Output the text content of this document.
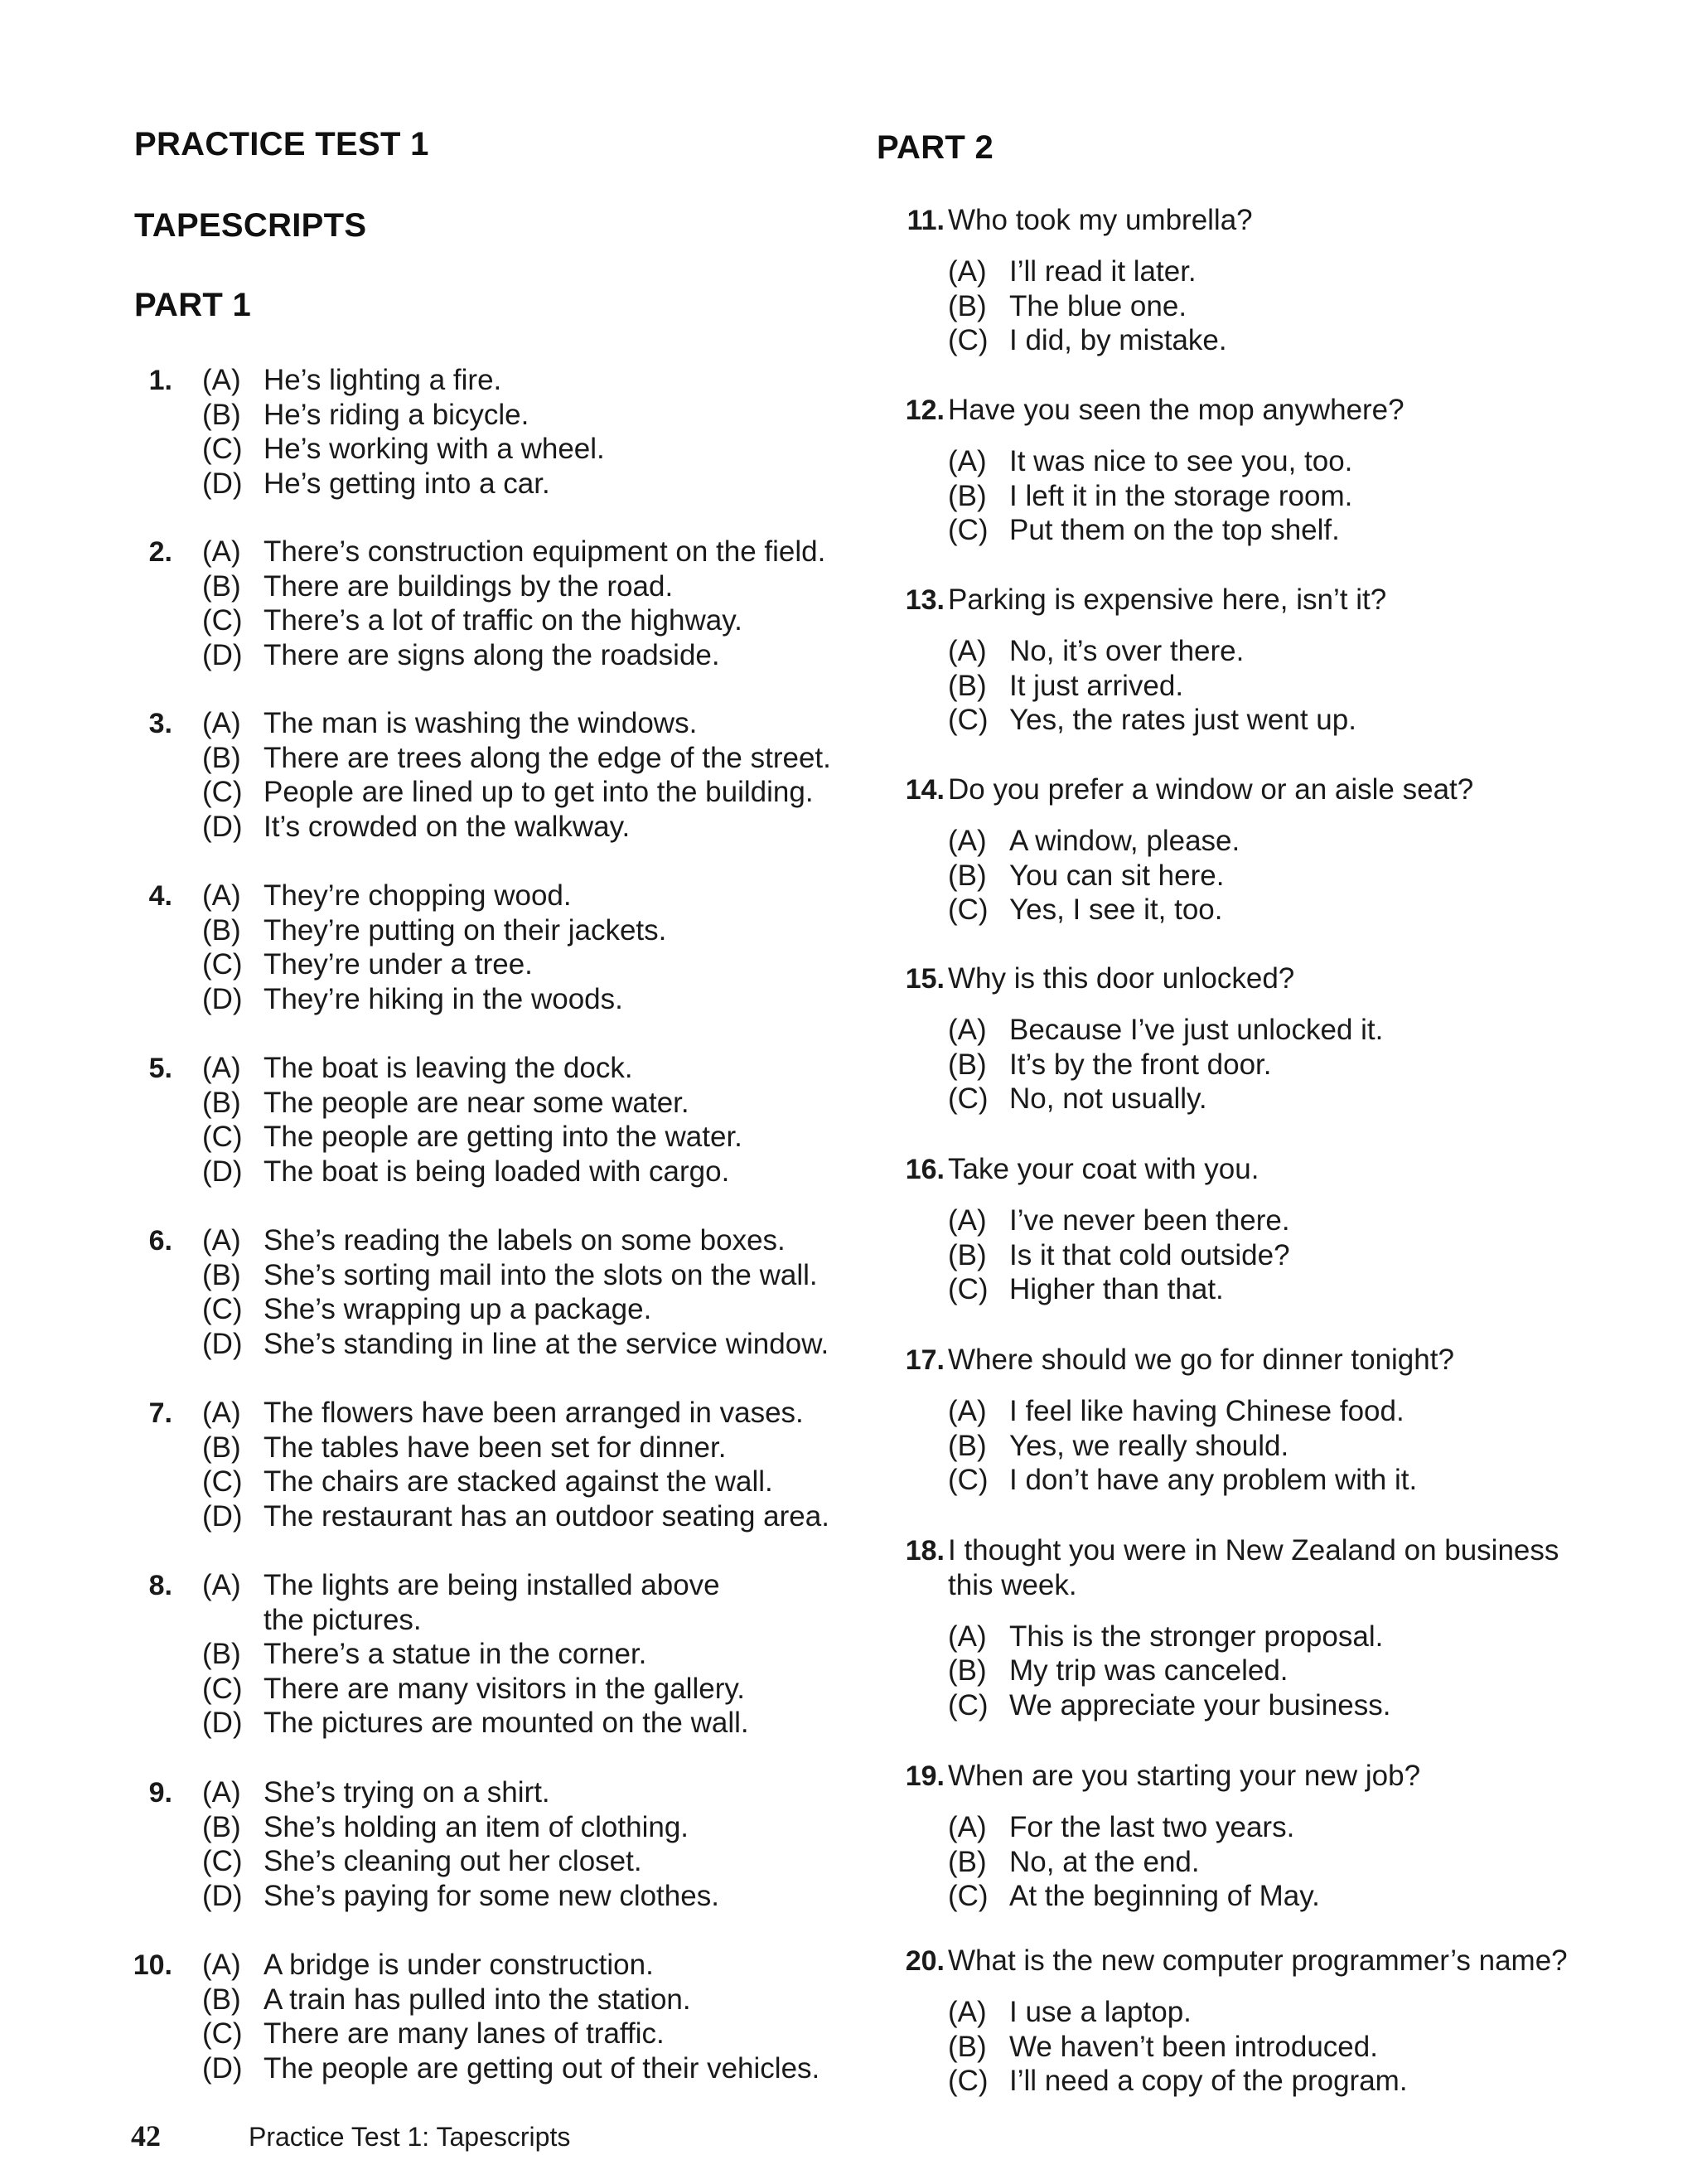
PRACTICE TEST 1
TAPESCRIPTS
PART 1
1. (A) He’s lighting a fire.
(B) He’s riding a bicycle.
(C) He’s working with a wheel.
(D) He’s getting into a car.
2. (A) There’s construction equipment on the field.
(B) There are buildings by the road.
(C) There’s a lot of traffic on the highway.
(D) There are signs along the roadside.
3. (A) The man is washing the windows.
(B) There are trees along the edge of the street.
(C) People are lined up to get into the building.
(D) It’s crowded on the walkway.
4. (A) They’re chopping wood.
(B) They’re putting on their jackets.
(C) They’re under a tree.
(D) They’re hiking in the woods.
5. (A) The boat is leaving the dock.
(B) The people are near some water.
(C) The people are getting into the water.
(D) The boat is being loaded with cargo.
6. (A) She’s reading the labels on some boxes.
(B) She’s sorting mail into the slots on the wall.
(C) She’s wrapping up a package.
(D) She’s standing in line at the service window.
7. (A) The flowers have been arranged in vases.
(B) The tables have been set for dinner.
(C) The chairs are stacked against the wall.
(D) The restaurant has an outdoor seating area.
8. (A) The lights are being installed above
the pictures.
(B) There’s a statue in the corner.
(C) There are many visitors in the gallery.
(D) The pictures are mounted on the wall.
9. (A) She’s trying on a shirt.
(B) She’s holding an item of clothing.
(C) She’s cleaning out her closet.
(D) She’s paying for some new clothes.
10. (A) A bridge is under construction.
(B) A train has pulled into the station.
(C) There are many lanes of traffic.
(D) The people are getting out of their vehicles.
PART 2
11. Who took my umbrella?
(A) I’ll read it later.
(B) The blue one.
(C) I did, by mistake.
12. Have you seen the mop anywhere?
(A) It was nice to see you, too.
(B) I left it in the storage room.
(C) Put them on the top shelf.
13. Parking is expensive here, isn’t it?
(A) No, it’s over there.
(B) It just arrived.
(C) Yes, the rates just went up.
14. Do you prefer a window or an aisle seat?
(A) A window, please.
(B) You can sit here.
(C) Yes, I see it, too.
15. Why is this door unlocked?
(A) Because I’ve just unlocked it.
(B) It’s by the front door.
(C) No, not usually.
16. Take your coat with you.
(A) I’ve never been there.
(B) Is it that cold outside?
(C) Higher than that.
17. Where should we go for dinner tonight?
(A) I feel like having Chinese food.
(B) Yes, we really should.
(C) I don’t have any problem with it.
18. I thought you were in New Zealand on business
this week.
(A) This is the stronger proposal.
(B) My trip was canceled.
(C) We appreciate your business.
19. When are you starting your new job?
(A) For the last two years.
(B) No, at the end.
(C) At the beginning of May.
20. What is the new computer programmer’s name?
(A) I use a laptop.
(B) We haven’t been introduced.
(C) I’ll need a copy of the program.
42	Practice Test 1: Tapescripts
